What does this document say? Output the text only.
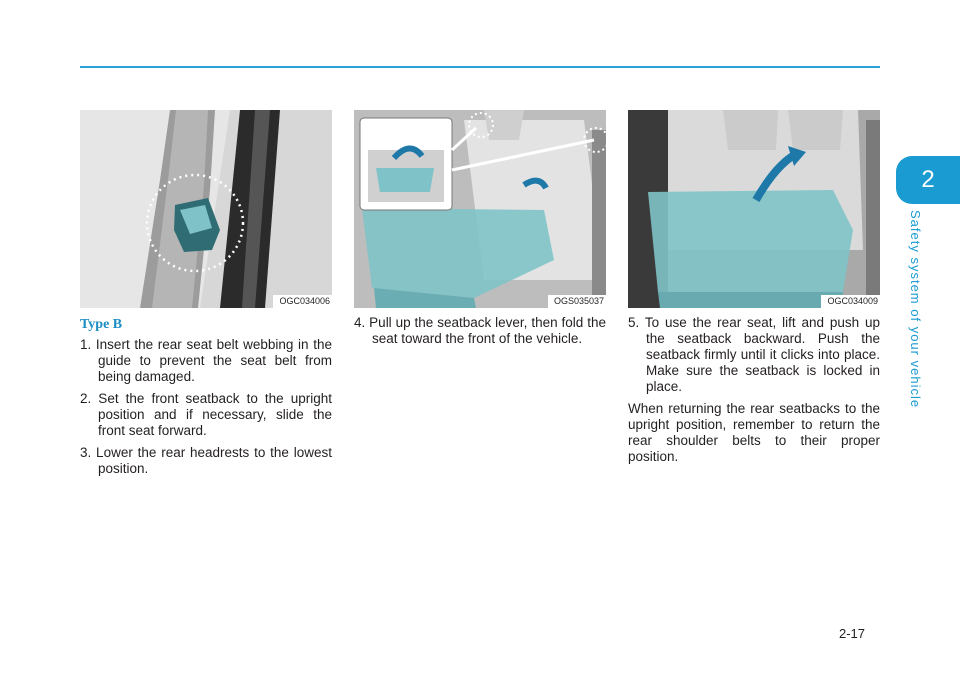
2
Safety system of your vehicle
OGC034006
Type B

1. Insert the rear seat belt webbing in the guide to prevent the seat belt from being damaged.

2. Set the front seatback to the upright position and if necessary, slide the front seat forward.

3. Lower the rear headrests to the lowest position.

OGS035037

4. Pull up the seatback lever, then fold the seat toward the front of the vehicle.

OGC034009

5. To use the rear seat, lift and push up the seatback backward. Push the seatback firmly until it clicks into place. Make sure the seatback is locked in place.

When returning the rear seatbacks to the upright position, remember to return the rear shoulder belts to their proper position.

2-17
